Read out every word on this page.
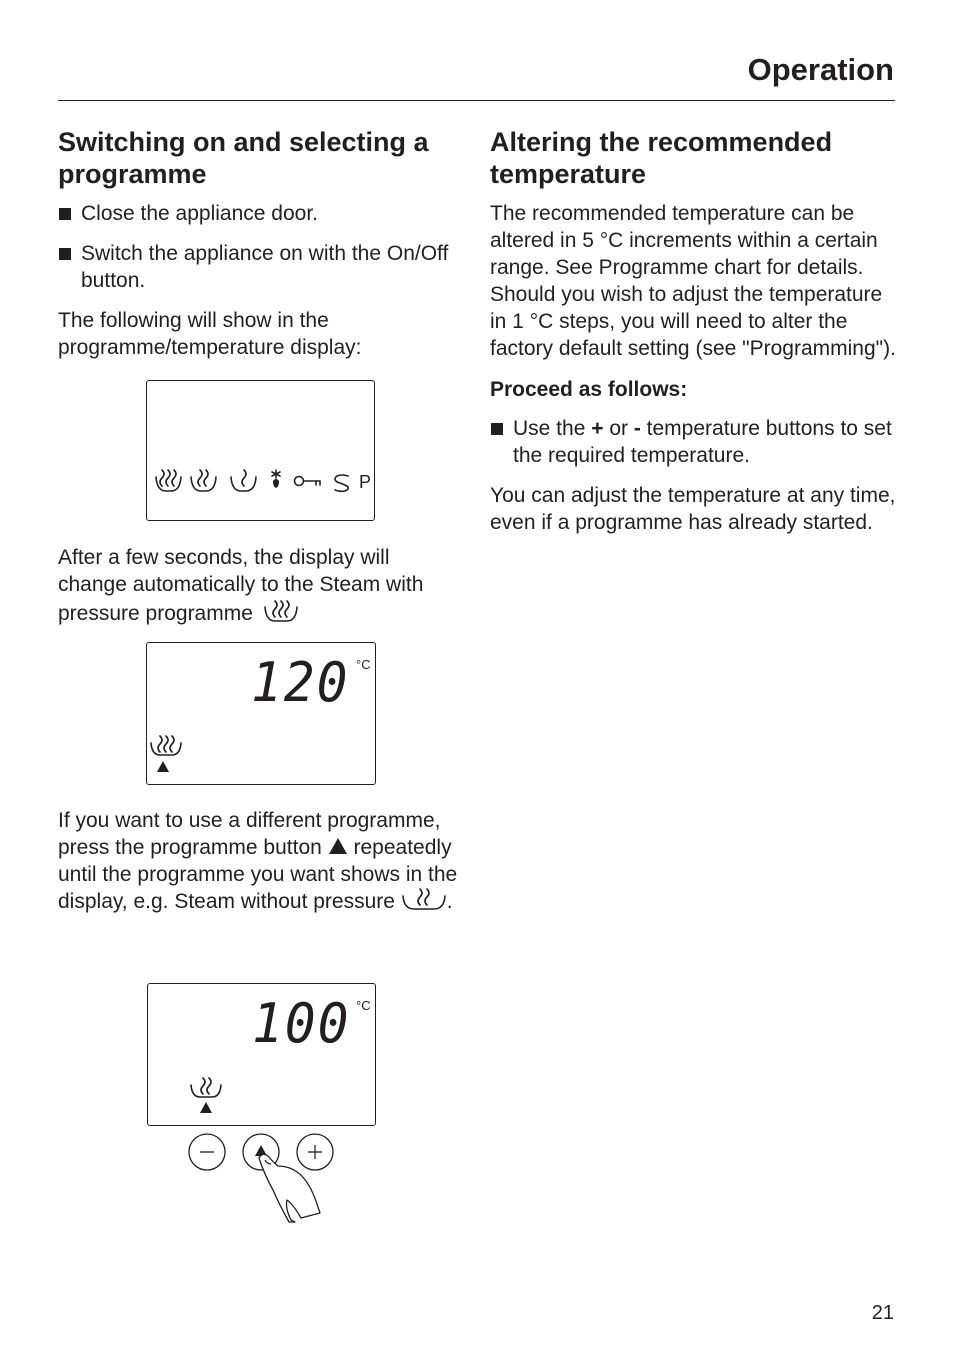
Operation
Switching on and selecting a programme
Close the appliance door.
Switch the appliance on with the On/Off button.

The following will show in the programme/temperature display:

P

After a few seconds, the display will change automatically to the Steam with pressure programme

120 °C

If you want to use a different programme, press the programme button repeatedly until the programme you want shows in the display, e.g. Steam without pressure .

100 °C
Altering the recommended temperature

The recommended temperature can be altered in 5 °C increments within a certain range. See Programme chart for details. Should you wish to adjust the temperature in 1 °C steps, you will need to alter the factory default setting (see "Programming").

Proceed as follows:

Use the + or - temperature buttons to set the required temperature.

You can adjust the temperature at any time, even if a programme has already started.

21
